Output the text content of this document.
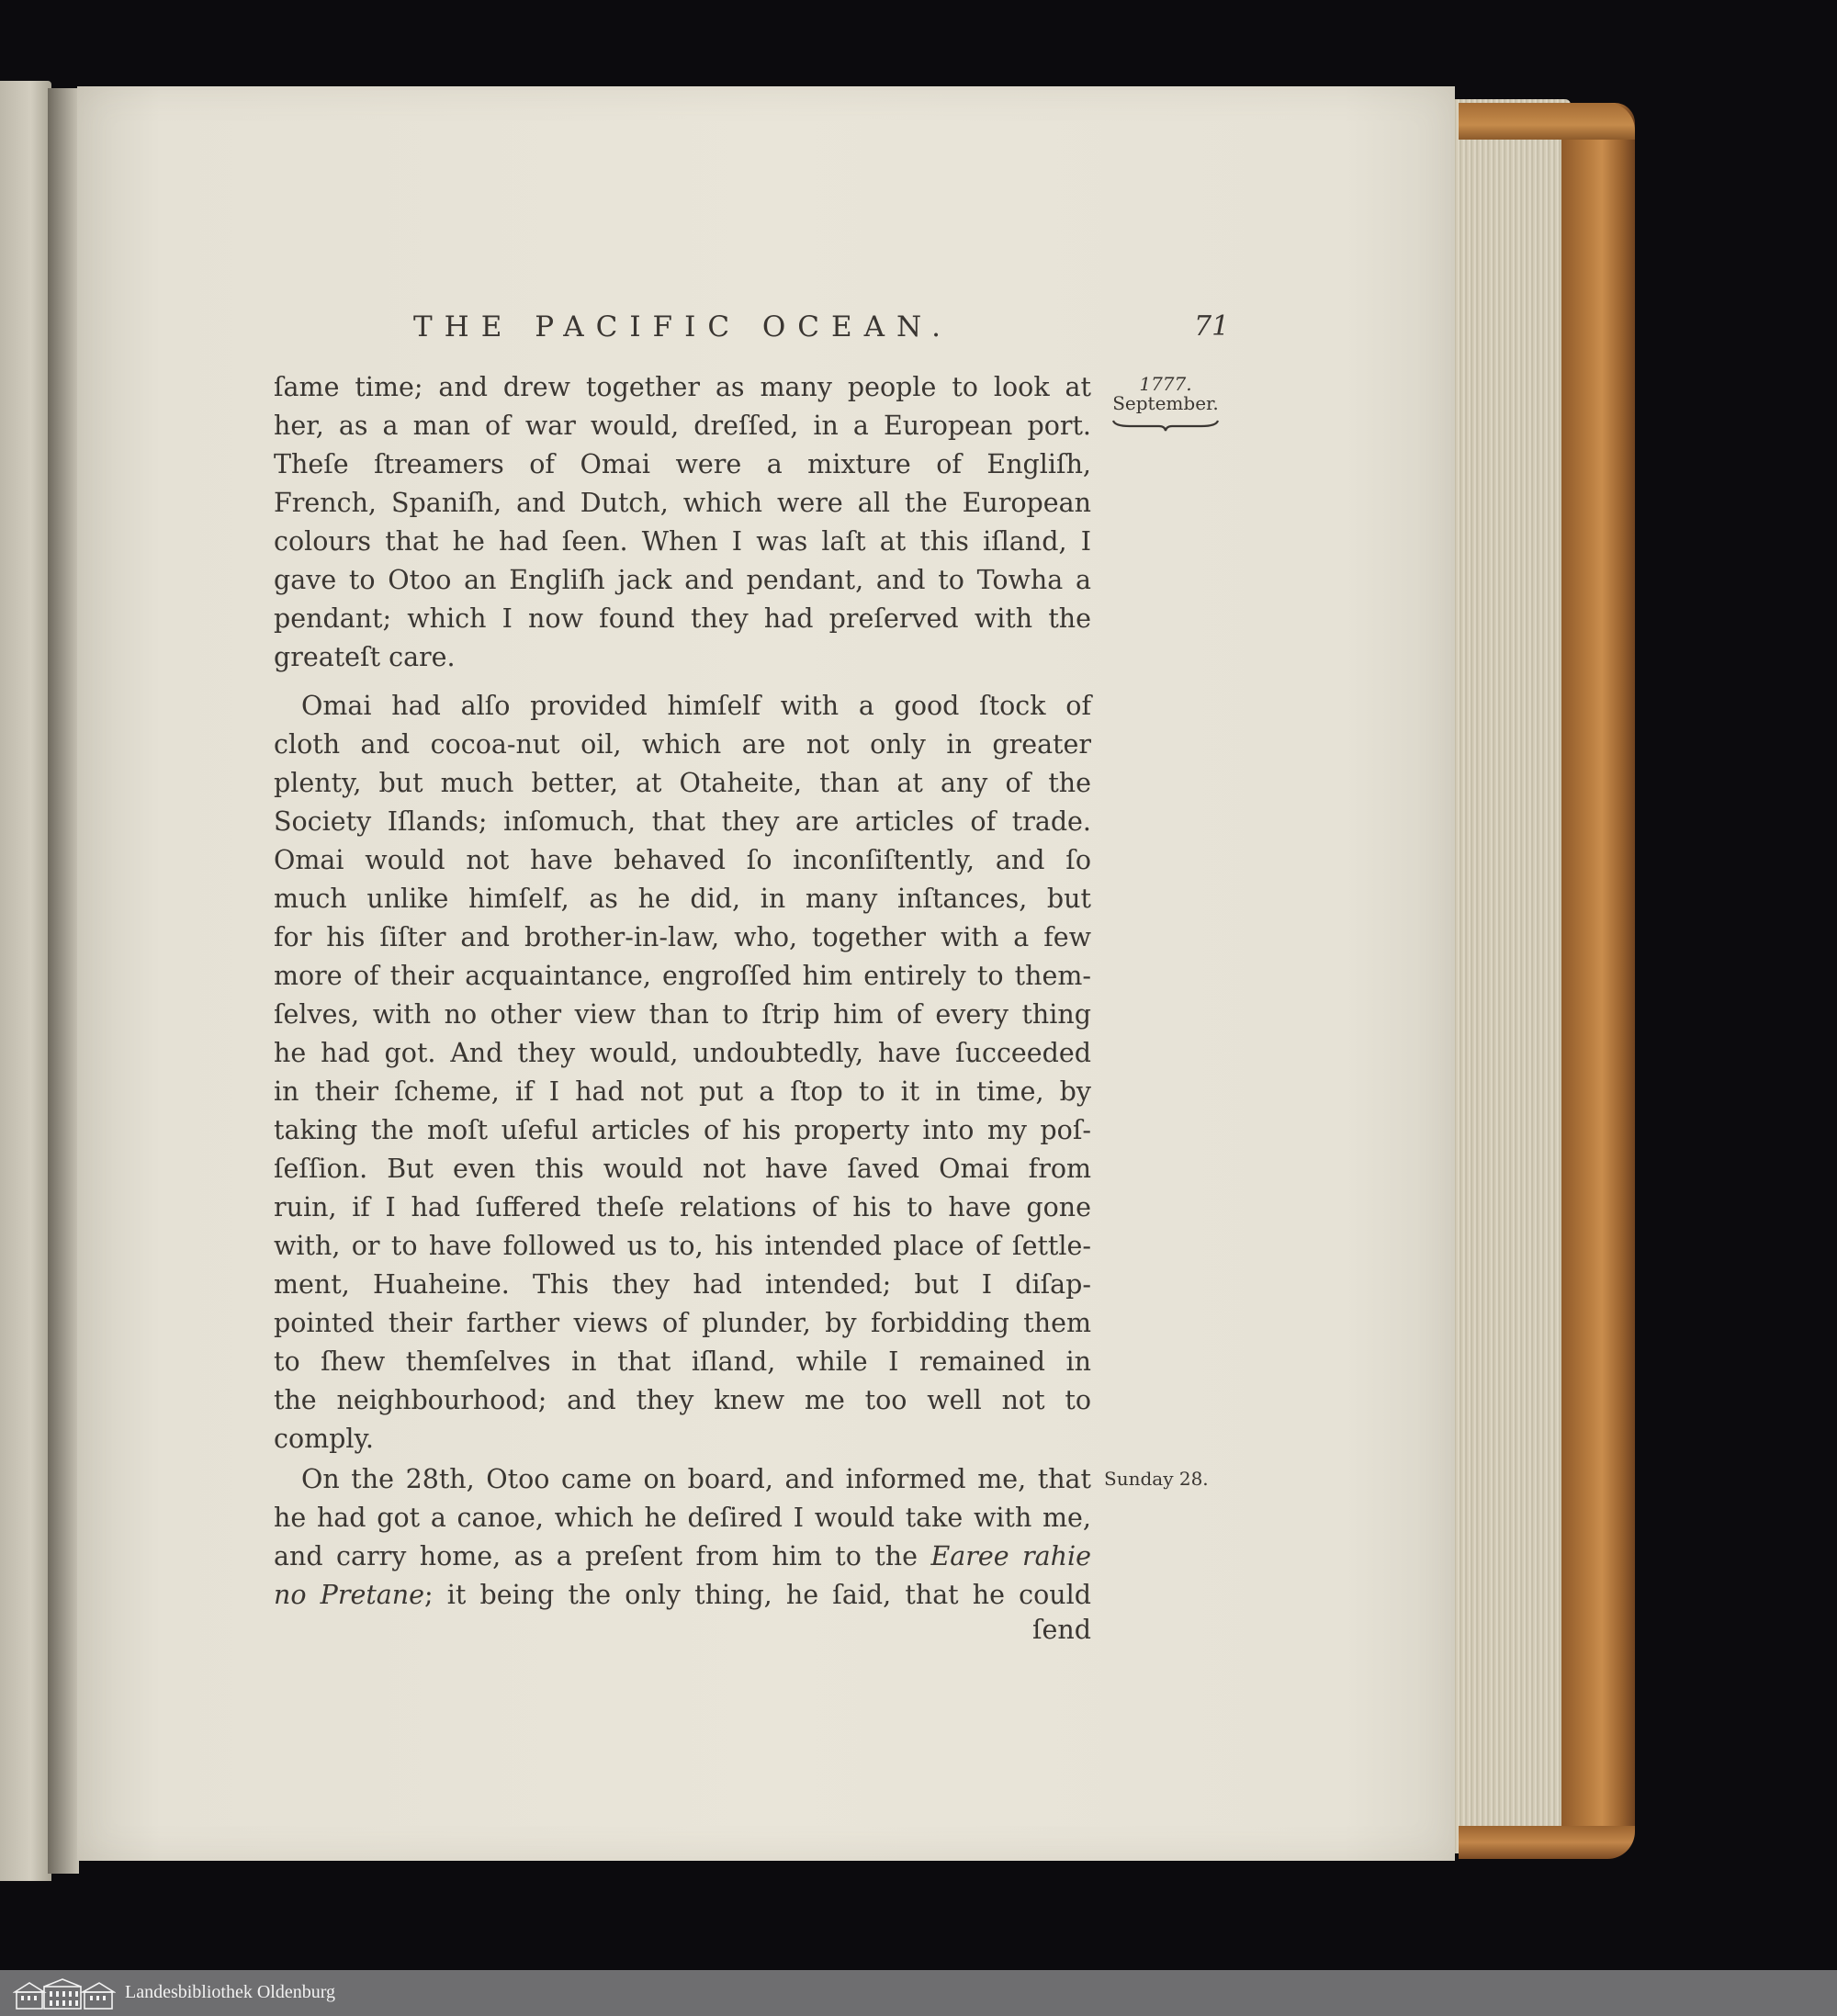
THE PACIFIC OCEAN.	71
1777.
September.
Sunday 28.
ſame time; and drew together as many people to look at
her, as a man of war would, dreſſed, in a European port.
Theſe ſtreamers of Omai were a mixture of Engliſh,
French, Spaniſh, and Dutch, which were all the European
colours that he had ſeen. When I was laſt at this iſland, I
gave to Otoo an Engliſh jack and pendant, and to Towha a
pendant; which I now found they had preſerved with the
greateſt care.
Omai had alſo provided himſelf with a good ſtock of
cloth and cocoa-nut oil, which are not only in greater
plenty, but much better, at Otaheite, than at any of the
Society Iſlands; inſomuch, that they are articles of trade.
Omai would not have behaved ſo inconſiſtently, and ſo
much unlike himſelf, as he did, in many inſtances, but
for his ſiſter and brother-in-law, who, together with a few
more of their acquaintance, engroſſed him entirely to them-
ſelves, with no other view than to ſtrip him of every thing
he had got. And they would, undoubtedly, have ſucceeded
in their ſcheme, if I had not put a ſtop to it in time, by
taking the moſt uſeful articles of his property into my poſ-
ſeſſion. But even this would not have ſaved Omai from
ruin, if I had ſuffered theſe relations of his to have gone
with, or to have followed us to, his intended place of ſettle-
ment, Huaheine. This they had intended; but I diſap-
pointed their farther views of plunder, by forbidding them
to ſhew themſelves in that iſland, while I remained in
the neighbourhood; and they knew me too well not to
comply.
On the 28th, Otoo came on board, and informed me, that
he had got a canoe, which he deſired I would take with me,
and carry home, as a preſent from him to the Earee rahie
no Pretane; it being the only thing, he ſaid, that he could
ſend
Landesbibliothek Oldenburg
